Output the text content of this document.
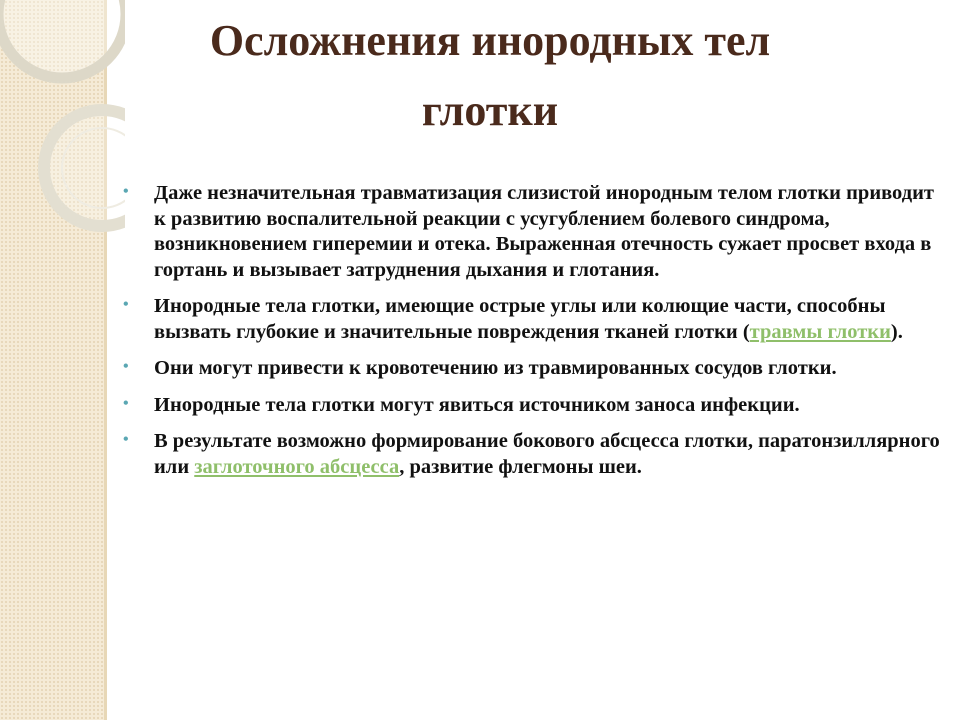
Осложнения инородных тел
глотки
• Даже незначительная травматизация слизистой инородным телом глотки приводит к развитию воспалительной реакции с усугублением болевого синдрома, возникновением гиперемии и отека. Выраженная отечность сужает просвет входа в гортань и вызывает затруднения дыхания и глотания.
• Инородные тела глотки, имеющие острые углы или колющие части, способны вызвать глубокие и значительные повреждения тканей глотки (травмы глотки).
• Они могут привести к кровотечению из травмированных сосудов глотки.
• Инородные тела глотки могут явиться источником заноса инфекции.
• В результате возможно формирование бокового абсцесса глотки, паратонзиллярного или заглоточного абсцесса, развитие флегмоны шеи.
